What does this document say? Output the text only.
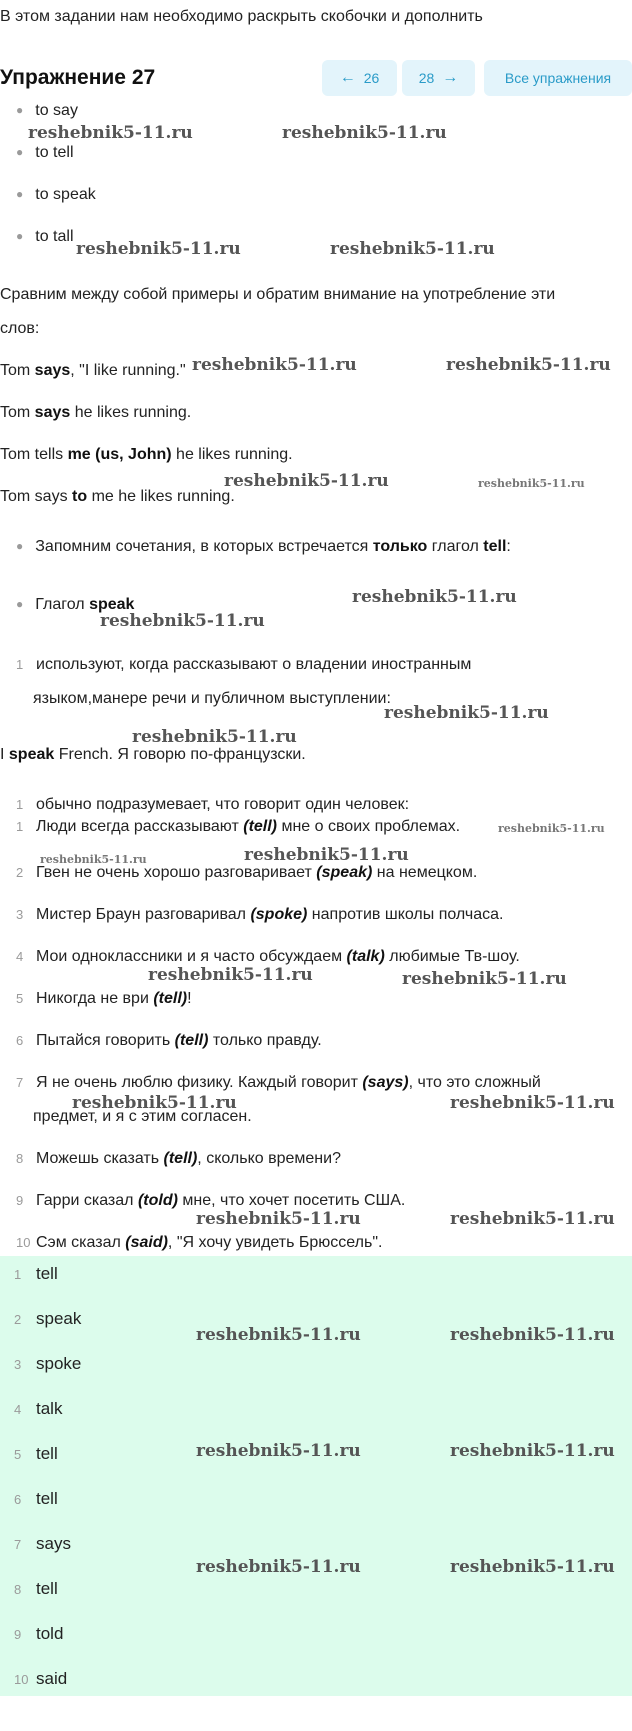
В этом задании нам необходимо раскрыть скобочки и дополнить
Упражнение 27	← 26	28 →	Все упражнения
● to say
● to tell
● to speak
● to tall
Сравним между собой примеры и обратим внимание на употребление эти
слов:
Tom says, "I like running."
Tom says he likes running.
Tom tells me (us, John) he likes running.
Tom says to me he likes running.
● Запомним сочетания, в которых встречается только глагол tell:
● Глагол speak
1 используют, когда рассказывают о владении иностранным
языком,манере речи и публичном выступлении:
I speak French. Я говорю по-французски.
1 обычно подразумевает, что говорит один человек:
1 Люди всегда рассказывают (tell) мне о своих проблемах.
2 Гвен не очень хорошо разговаривает (speak) на немецком.
3 Мистер Браун разговаривал (spoke) напротив школы полчаса.
4 Мои одноклассники и я часто обсуждаем (talk) любимые Тв-шоу.
5 Никогда не ври (tell)!
6 Пытайся говорить (tell) только правду.
7 Я не очень люблю физику. Каждый говорит (says), что это сложный
предмет, и я с этим согласен.
8 Можешь сказать (tell), сколько времени?
9 Гарри сказал (told) мне, что хочет посетить США.
10 Сэм сказал (said), "Я хочу увидеть Брюссель".
1 tell
2 speak
3 spoke
4 talk
5 tell
6 tell
7 says
8 tell
9 told
10 said
reshebnik5-11.ru	reshebnik5-11.ru
reshebnik5-11.ru	reshebnik5-11.ru
reshebnik5-11.ru	reshebnik5-11.ru
reshebnik5-11.ru	reshebnik5-11.ru
reshebnik5-11.ru
reshebnik5-11.ru
reshebnik5-11.ru
reshebnik5-11.ru
reshebnik5-11.ru
reshebnik5-11.ru	reshebnik5-11.ru
reshebnik5-11.ru	reshebnik5-11.ru
reshebnik5-11.ru	reshebnik5-11.ru
reshebnik5-11.ru	reshebnik5-11.ru
reshebnik5-11.ru	reshebnik5-11.ru
reshebnik5-11.ru	reshebnik5-11.ru
reshebnik5-11.ru	reshebnik5-11.ru
